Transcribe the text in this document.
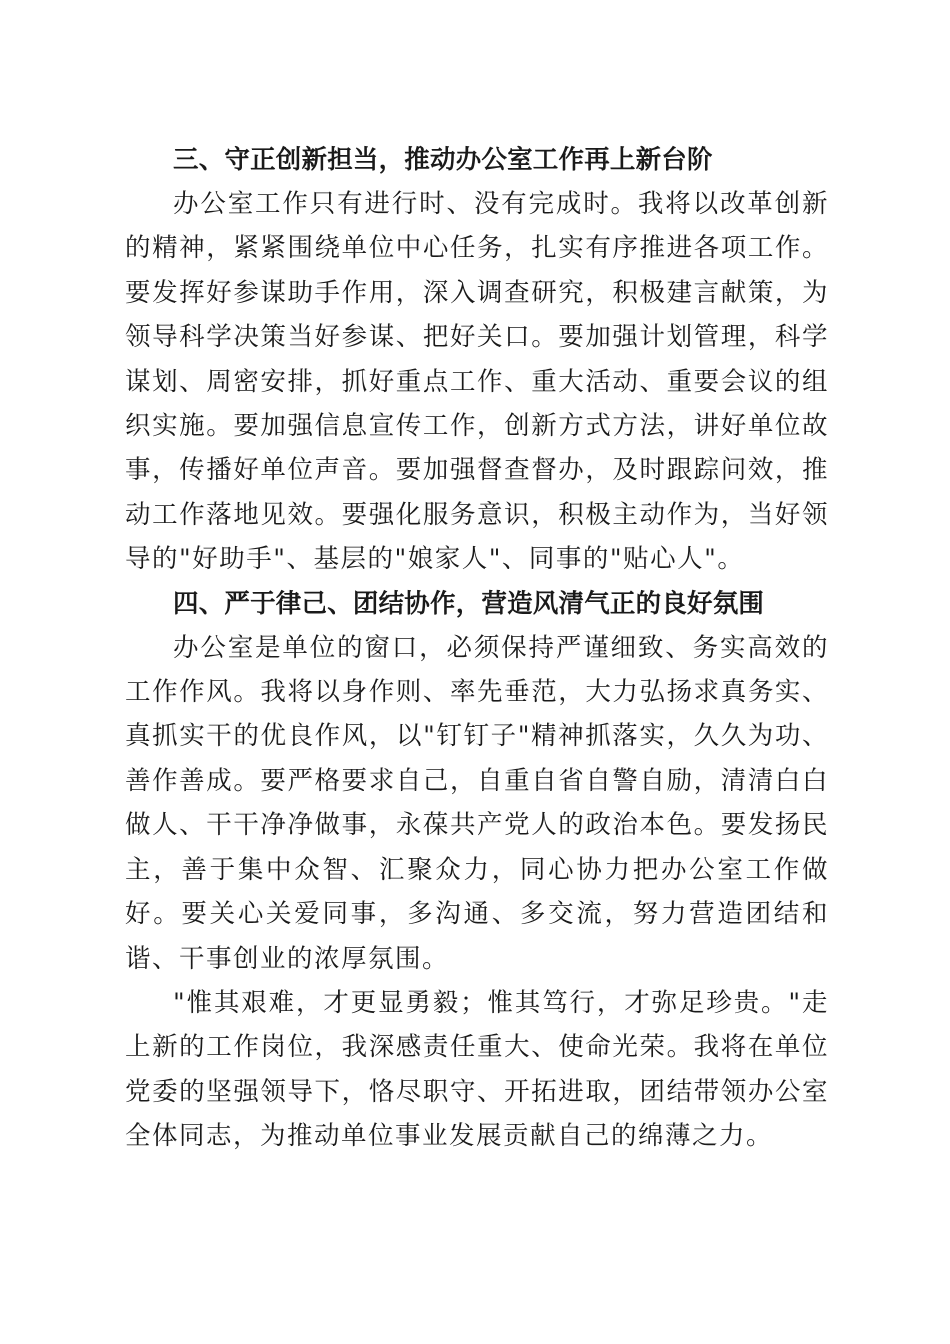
三、守正创新担当，推动办公室工作再上新台阶

办公室工作只有进行时、没有完成时。我将以改革创新的精神，紧紧围绕单位中心任务，扎实有序推进各项工作。要发挥好参谋助手作用，深入调查研究，积极建言献策，为领导科学决策当好参谋、把好关口。要加强计划管理，科学谋划、周密安排，抓好重点工作、重大活动、重要会议的组织实施。要加强信息宣传工作，创新方式方法，讲好单位故事，传播好单位声音。要加强督查督办，及时跟踪问效，推动工作落地见效。要强化服务意识，积极主动作为，当好领导的"好助手"、基层的"娘家人"、同事的"贴心人"。

四、严于律己、团结协作，营造风清气正的良好氛围

办公室是单位的窗口，必须保持严谨细致、务实高效的工作作风。我将以身作则、率先垂范，大力弘扬求真务实、真抓实干的优良作风，以"钉钉子"精神抓落实，久久为功、善作善成。要严格要求自己，自重自省自警自励，清清白白做人、干干净净做事，永葆共产党人的政治本色。要发扬民主，善于集中众智、汇聚众力，同心协力把办公室工作做好。要关心关爱同事，多沟通、多交流，努力营造团结和谐、干事创业的浓厚氛围。

"惟其艰难，才更显勇毅；惟其笃行，才弥足珍贵。"走上新的工作岗位，我深感责任重大、使命光荣。我将在单位党委的坚强领导下，恪尽职守、开拓进取，团结带领办公室全体同志，为推动单位事业发展贡献自己的绵薄之力。
